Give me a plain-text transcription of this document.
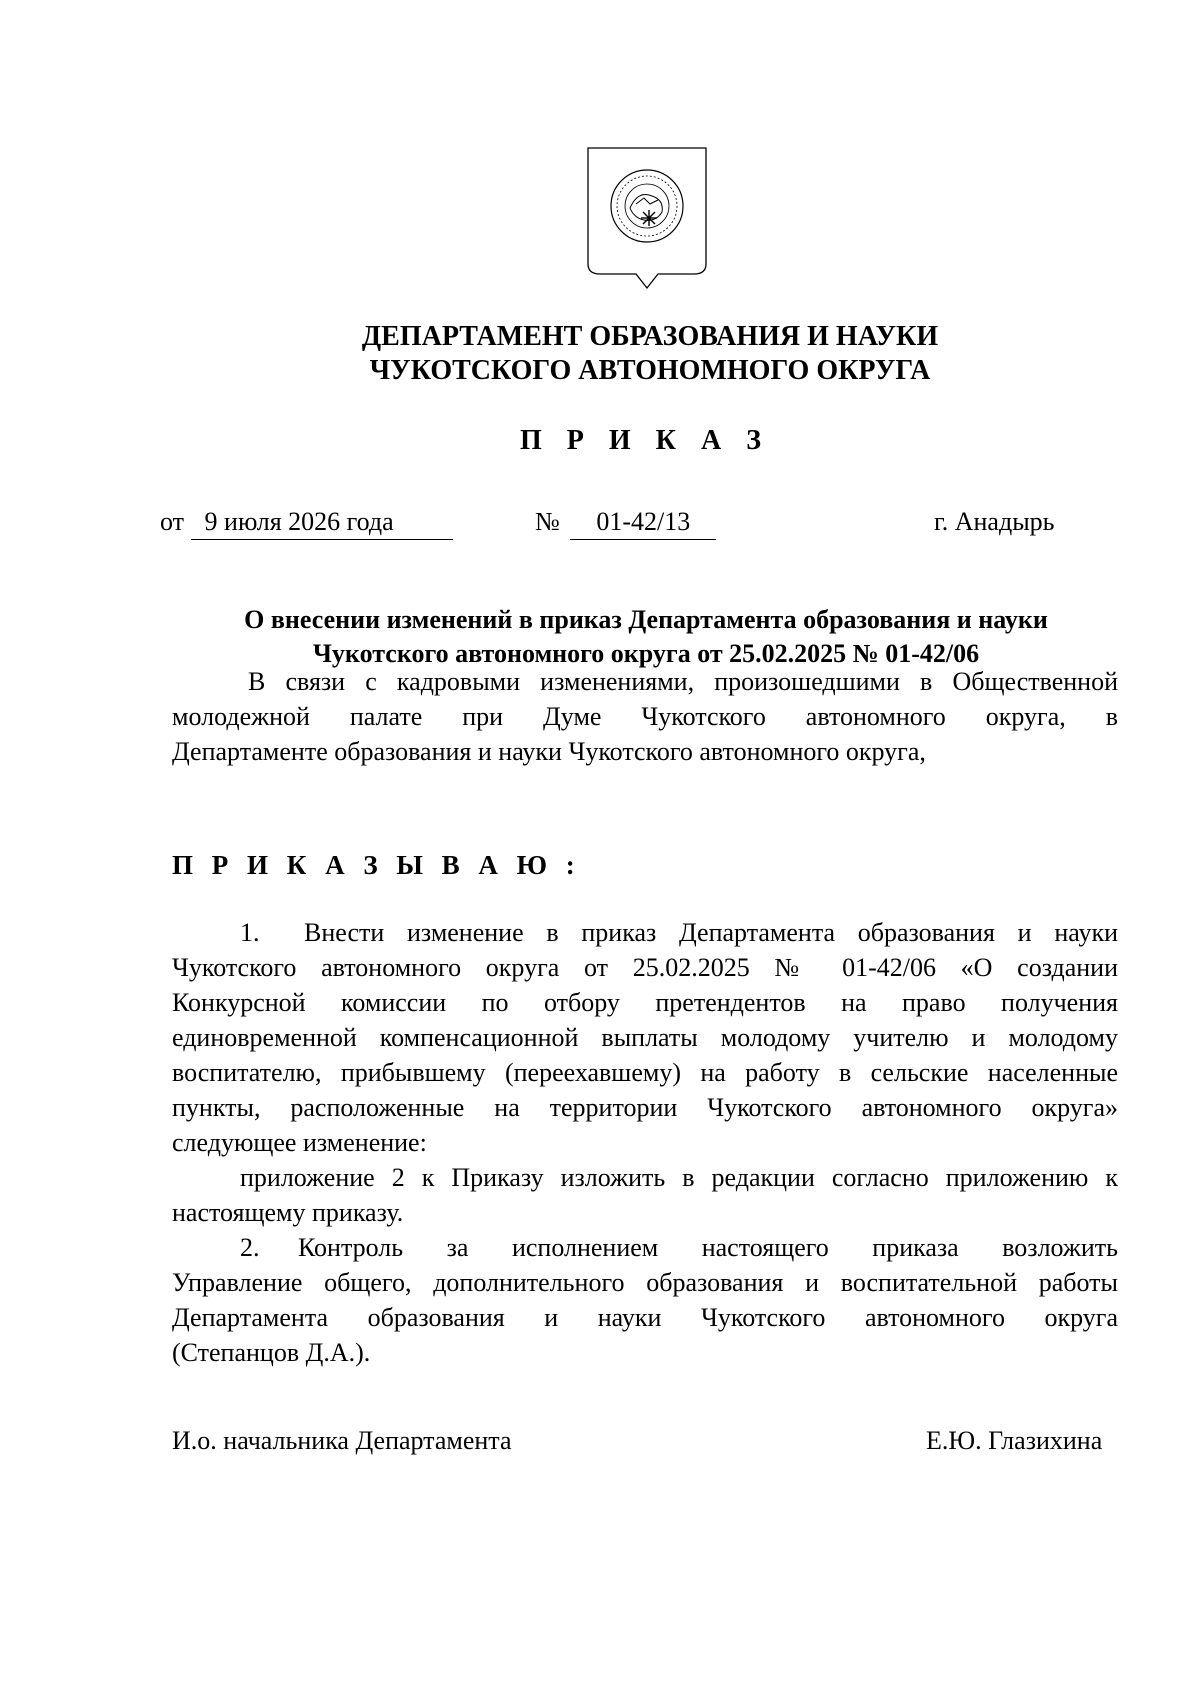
ДЕПАРТАМЕНТ ОБРАЗОВАНИЯ И НАУКИ
ЧУКОТСКОГО АВТОНОМНОГО ОКРУГА
П Р И К А З
от 9 июля 2026 года	№ 01-42/13	г. Анадырь
О внесении изменений в приказ Департамента образования и науки
Чукотского автономного округа от 25.02.2025 № 01-42/06
В связи с кадровыми изменениями, произошедшими в Общественной
молодежной палате при Думе Чукотского автономного округа, в
Департаменте образования и науки Чукотского автономного округа,
П Р И К А З Ы В А Ю :
1.	Внести изменение в приказ Департамента образования и науки
Чукотского автономного округа от 25.02.2025 № 01-42/06 «О создании
Конкурсной комиссии по отбору претендентов на право получения
единовременной компенсационной выплаты молодому учителю и молодому
воспитателю, прибывшему (переехавшему) на работу в сельские населенные
пункты, расположенные на территории Чукотского автономного округа»
следующее изменение:
приложение 2 к Приказу изложить в редакции согласно приложению к
настоящему приказу.
2.	Контроль за исполнением настоящего приказа возложить
Управление общего, дополнительного образования и воспитательной работы
Департамента образования и науки Чукотского автономного округа
(Степанцов Д.А.).
И.о. начальника Департамента	Е.Ю. Глазихина
